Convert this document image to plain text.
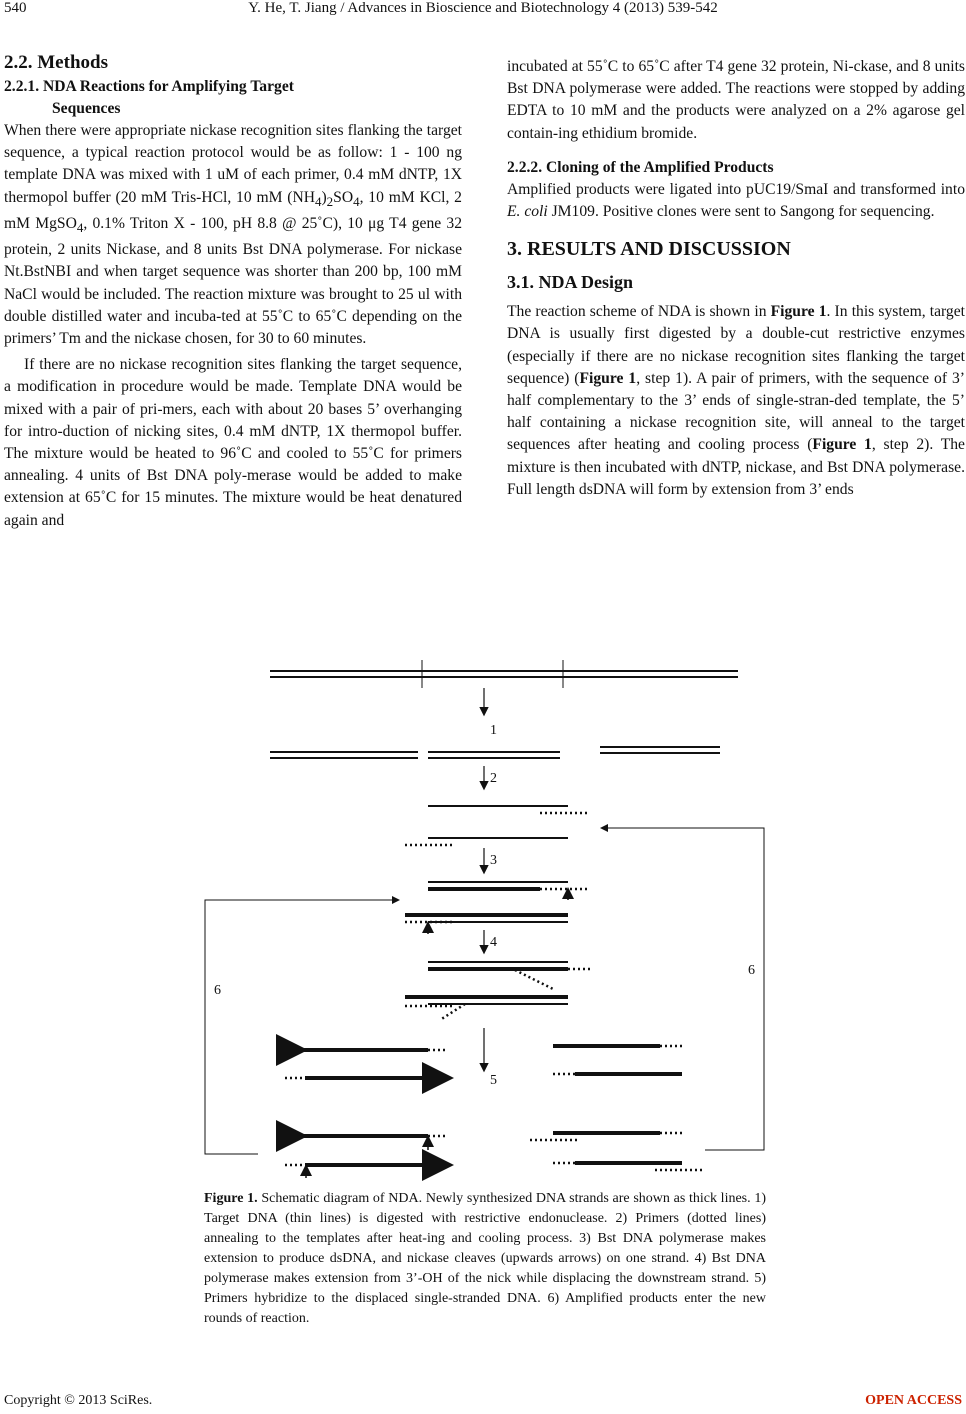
540	Y. He, T. Jiang / Advances in Bioscience and Biotechnology 4 (2013) 539-542

2.2. Methods

2.2.1. NDA Reactions for Amplifying Target

Sequences

When there were appropriate nickase recognition sites flanking the target sequence, a typical reaction protocol would be as follow: 1 - 100 ng template DNA was mixed with 1 uM of each primer, 0.4 mM dNTP, 1X thermopol buffer (20 mM Tris-HCl, 10 mM $(NH_4)_2SO_4$, 10 mM KCl, 2 mM MgSO$_4$, 0.1% Triton X - 100, pH 8.8 @ 25˚C), 10 μg T4 gene 32 protein, 2 units Nickase, and 8 units Bst DNA polymerase. For nickase Nt.BstNBI and when target sequence was shorter than 200 bp, 100 mM NaCl would be included. The reaction mixture was brought to 25 ul with double distilled water and incuba-ted at 55˚C to 65˚C depending on the primers’ Tm and the nickase chosen, for 30 to 60 minutes.

If there are no nickase recognition sites flanking the target sequence, a modification in procedure would be made. Template DNA would be mixed with a pair of pri-mers, each with about 20 bases 5’ overhanging for intro-duction of nicking sites, 0.4 mM dNTP, 1X thermopol buffer. The mixture would be heated to 96˚C and cooled to 55˚C for primers annealing. 4 units of Bst DNA poly-merase would be added to make extension at 65˚C for 15 minutes. The mixture would be heat denatured again and

incubated at 55˚C to 65˚C after T4 gene 32 protein, Ni-ckase, and 8 units Bst DNA polymerase were added. The reactions were stopped by adding EDTA to 10 mM and the products were analyzed on a 2% agarose gel contain-ing ethidium bromide.

2.2.2. Cloning of the Amplified Products

Amplified products were ligated into pUC19/SmaI and transformed into E. coli JM109. Positive clones were sent to Sangong for sequencing.

3. RESULTS AND DISCUSSION

3.1. NDA Design

The reaction scheme of NDA is shown in Figure 1. In this system, target DNA is usually first digested by a double-cut restrictive enzymes (especially if there are no nickase recognition sites flanking the target sequence) (Figure 1, step 1). A pair of primers, with the sequence of 3’ half complementary to the 3’ ends of single-stran-ded template, the 5’ half containing a nickase recognition site, will anneal to the target sequences after heating and cooling process (Figure 1, step 2). The mixture is then incubated with dNTP, nickase, and Bst DNA polymerase. Full length dsDNA will form by extension from 3’ ends

1
2
3
4
5
6
6
Figure 1. Schematic diagram of NDA. Newly synthesized DNA strands are shown as thick lines. 1) Target DNA (thin lines) is digested with restrictive endonuclease. 2) Primers (dotted lines) annealing to the templates after heat-ing and cooling process. 3) Bst DNA polymerase makes extension to produce dsDNA, and nickase cleaves (upwards arrows) on one strand. 4) Bst DNA polymerase makes extension from 3’-OH of the nick while displacing the downstream strand. 5) Primers hybridize to the displaced single-stranded DNA. 6) Amplified products enter the new rounds of reaction.
Copyright © 2013 SciRes.	OPEN ACCESS
